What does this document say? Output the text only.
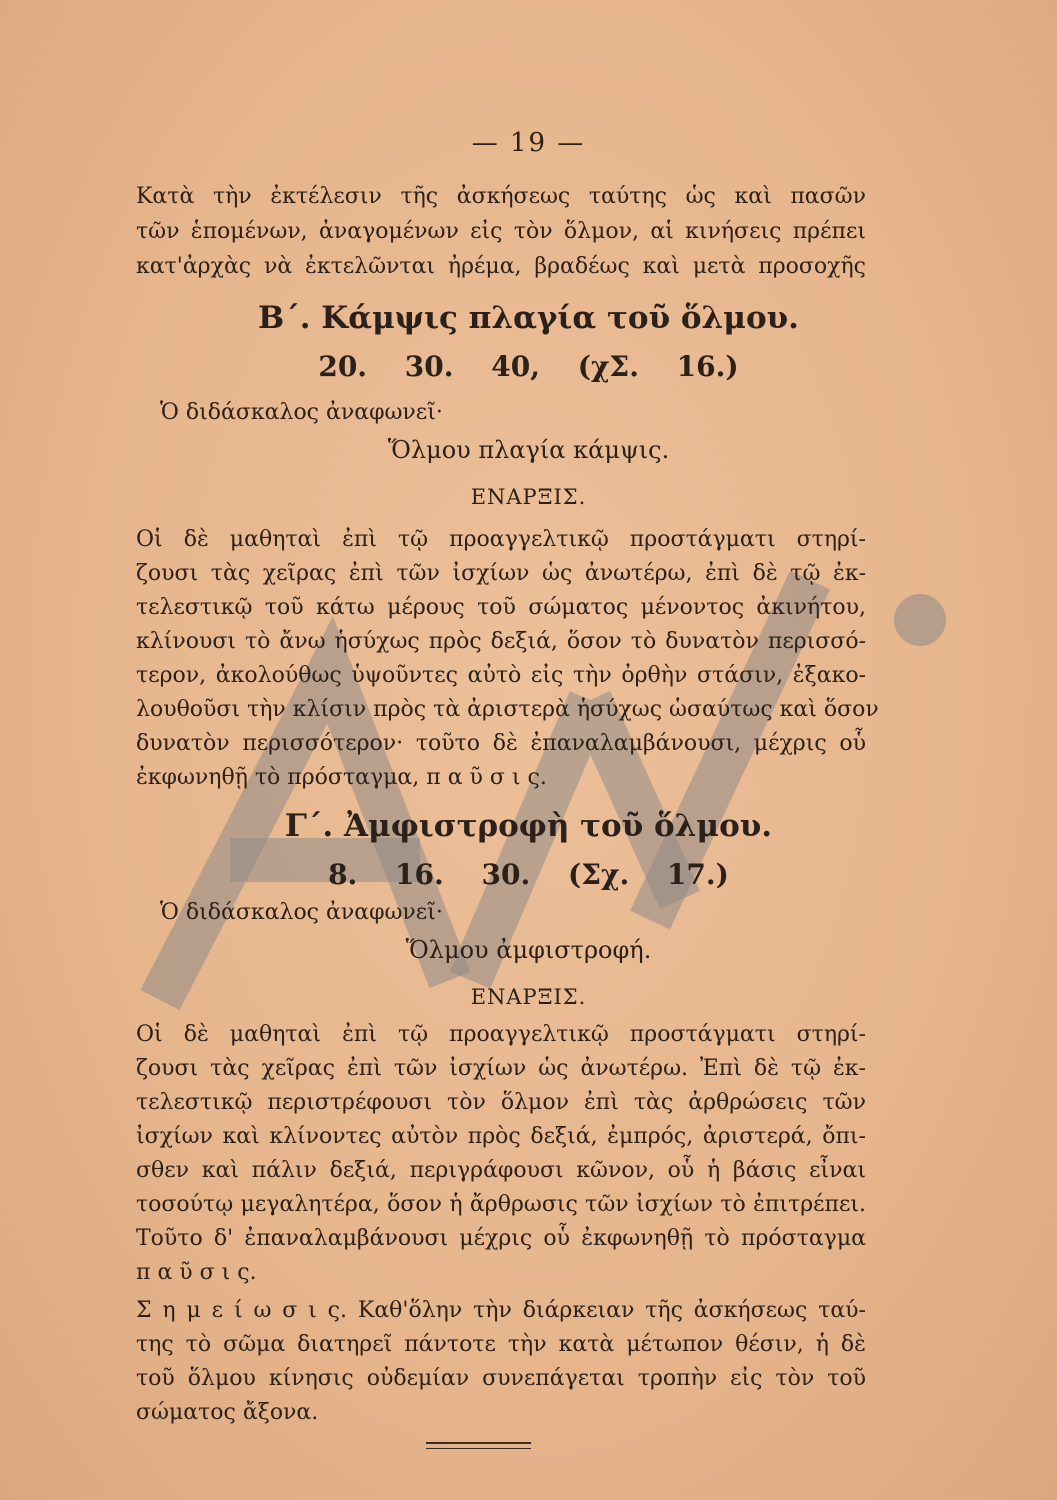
— 19 —
Κατὰ τὴν ἐκτέλεσιν τῆς ἀσκήσεως ταύτης ὡς καὶ πασῶν
τῶν ἑπομένων, ἀναγομένων εἰς τὸν ὅλμον, αἱ κινήσεις πρέπει
κατ'ἀρχὰς νὰ ἐκτελῶνται ἠρέμα, βραδέως καὶ μετὰ προσοχῆς
Β΄. Κάμψις πλαγία τοῦ ὅλμου.
20. 30. 40, (χΣ. 16.)
Ὁ διδάσκαλος ἀναφωνεῖ·
Ὅλμου πλαγία κάμψις.
ΕΝΑΡΞΙΣ.
Οἱ δὲ μαθηταὶ ἐπὶ τῷ προαγγελτικῷ προστάγματι στηρί-
ζουσι τὰς χεῖρας ἐπὶ τῶν ἰσχίων ὡς ἀνωτέρω, ἐπὶ δὲ τῷ ἐκ-
τελεστικῷ τοῦ κάτω μέρους τοῦ σώματος μένοντος ἀκινήτου,
κλίνουσι τὸ ἄνω ἡσύχως πρὸς δεξιά, ὅσον τὸ δυνατὸν περισσό-
τερον, ἀκολούθως ὑψοῦντες αὐτὸ εἰς τὴν ὀρθὴν στάσιν, ἐξακο-
λουθοῦσι τὴν κλίσιν πρὸς τὰ ἀριστερὰ ἡσύχως ὡσαύτως καὶ ὅσον
δυνατὸν περισσότερον· τοῦτο δὲ ἐπαναλαμβάνουσι, μέχρις οὗ
ἐκφωνηθῇ τὸ πρόσταγμα, π α ῦ σ ι ς.
Γ΄. Ἀμφιστροφὴ τοῦ ὅλμου.
8. 16. 30. (Σχ. 17.)
Ὁ διδάσκαλος ἀναφωνεῖ·
Ὅλμου ἀμφιστροφή.
ΕΝΑΡΞΙΣ.
Οἱ δὲ μαθηταὶ ἐπὶ τῷ προαγγελτικῷ προστάγματι στηρί-
ζουσι τὰς χεῖρας ἐπὶ τῶν ἰσχίων ὡς ἀνωτέρω. Ἐπὶ δὲ τῷ ἐκ-
τελεστικῷ περιστρέφουσι τὸν ὅλμον ἐπὶ τὰς ἀρθρώσεις τῶν
ἰσχίων καὶ κλίνοντες αὐτὸν πρὸς δεξιά, ἐμπρός, ἀριστερά, ὄπι-
σθεν καὶ πάλιν δεξιά, περιγράφουσι κῶνον, οὗ ἡ βάσις εἶναι
τοσούτῳ μεγαλητέρα, ὅσον ἡ ἄρθρωσις τῶν ἰσχίων τὸ ἐπιτρέπει.
Τοῦτο δ' ἐπαναλαμβάνουσι μέχρις οὗ ἐκφωνηθῇ τὸ πρόσταγμα
π α ῦ σ ι ς.
Σ η μ ε ί ω σ ι ς. Καθ'ὅλην τὴν διάρκειαν τῆς ἀσκήσεως ταύ-
της τὸ σῶμα διατηρεῖ πάντοτε τὴν κατὰ μέτωπον θέσιν, ἡ δὲ
τοῦ ὅλμου κίνησις οὐδεμίαν συνεπάγεται τροπὴν εἰς τὸν τοῦ
σώματος ἄξονα.
